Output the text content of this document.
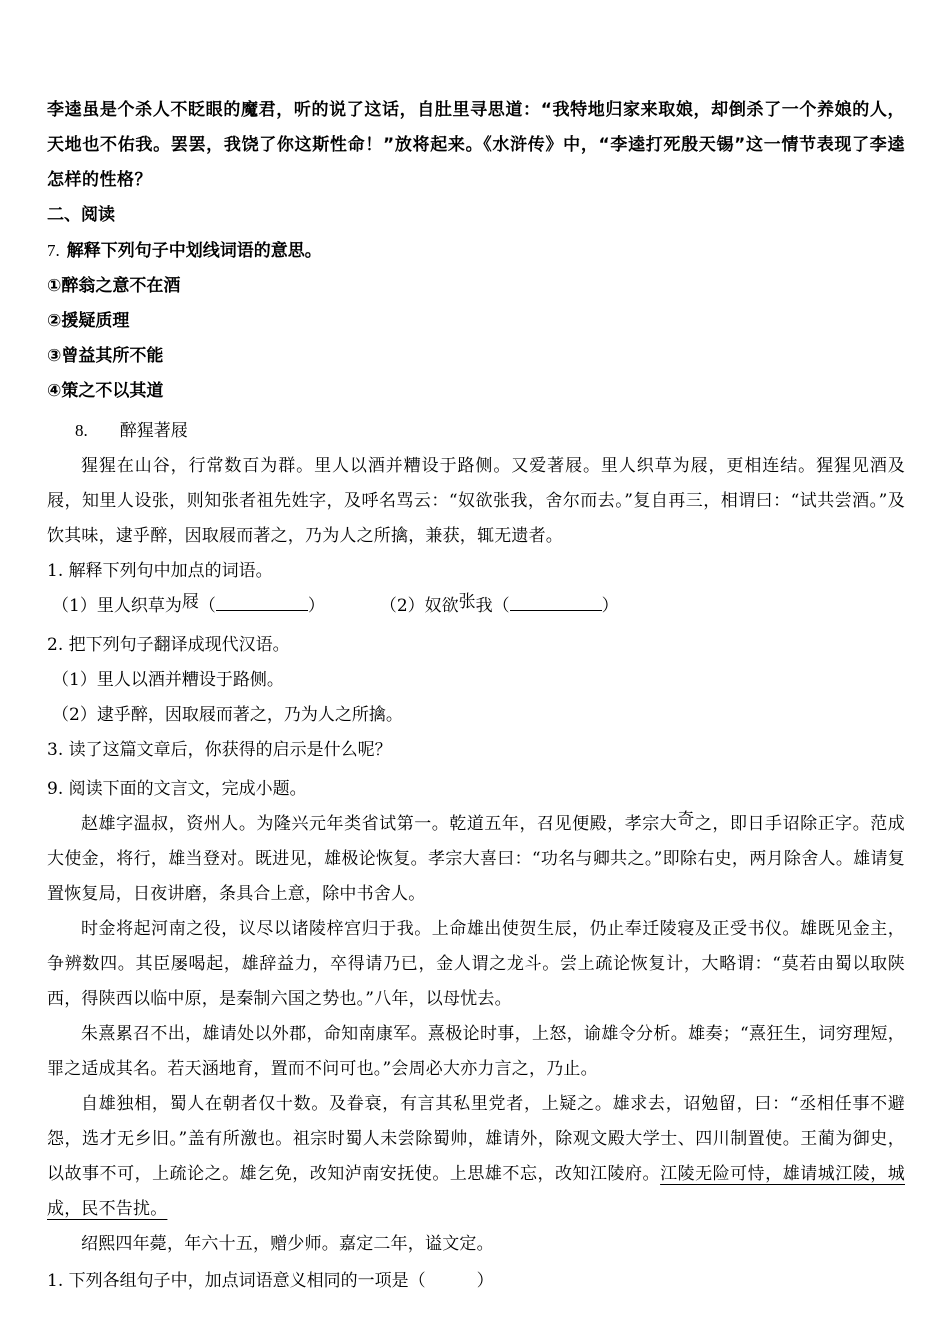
李逵虽是个杀人不眨眼的魔君，听的说了这话，自肚里寻思道：“我特地归家来取娘，却倒杀了一个养娘的人，天地也不佑我。罢罢，我饶了你这斯性命！”放将起来。《水浒传》中，“李逵打死殷天锡”这一情节表现了李逵怎样的性格？

二、阅读

7. 解释下列句子中划线词语的意思。

①醉翁之意不在酒

②援疑质理

③曾益其所不能

④策之不以其道

8. 醉猩著屐

猩猩在山谷，行常数百为群。里人以酒并糟设于路侧。又爱著屐。里人织草为屐，更相连结。猩猩见酒及屐，知里人设张，则知张者祖先姓字，及呼名骂云：“奴欲张我，舍尔而去。”复自再三，相谓曰：“试共尝酒。”及饮其味，逮乎醉，因取屐而著之，乃为人之所擒，兼获，辄无遗者。

1. 解释下列句中加点的词语。

（1）里人织草为屐（	）	（2）奴欲张我（	）

2. 把下列句子翻译成现代汉语。

（1）里人以酒并糟设于路侧。

（2）逮乎醉，因取屐而著之，乃为人之所擒。

3. 读了这篇文章后，你获得的启示是什么呢？

9. 阅读下面的文言文，完成小题。

赵雄字温叔，资州人。为隆兴元年类省试第一。乾道五年，召见便殿，孝宗大奇之，即日手诏除正字。范成大使金，将行，雄当登对。既进见，雄极论恢复。孝宗大喜曰：“功名与卿共之。”即除右史，两月除舍人。雄请复置恢复局，日夜讲磨，条具合上意，除中书舍人。

时金将起河南之役，议尽以诸陵梓宫归于我。上命雄出使贺生辰，仍止奉迁陵寝及正受书仪。雄既见金主，争辨数四。其臣屡喝起，雄辞益力，卒得请乃已，金人谓之龙斗。尝上疏论恢复计，大略谓：“莫若由蜀以取陕西，得陕西以临中原，是秦制六国之势也。”八年，以母忧去。

朱熹累召不出，雄请处以外郡，命知南康军。熹极论时事，上怒，谕雄令分析。雄奏；“熹狂生，词穷理短，罪之适成其名。若天涵地育，置而不问可也。”会周必大亦力言之，乃止。

自雄独相，蜀人在朝者仅十数。及眷衰，有言其私里党者，上疑之。雄求去，诏勉留，曰：“丞相任事不避怨，选才无乡旧。”盖有所激也。祖宗时蜀人未尝除蜀帅，雄请外，除观文殿大学士、四川制置使。王蔺为御史，以故事不可，上疏论之。雄乞免，改知泸南安抚使。上思雄不忘，改知江陵府。江陵无险可恃，雄请城江陵，城成，民不告扰。

绍熙四年薨，年六十五，赠少师。嘉定二年，谥文定。

1. 下列各组句子中，加点词语意义相同的一项是（　　　）
